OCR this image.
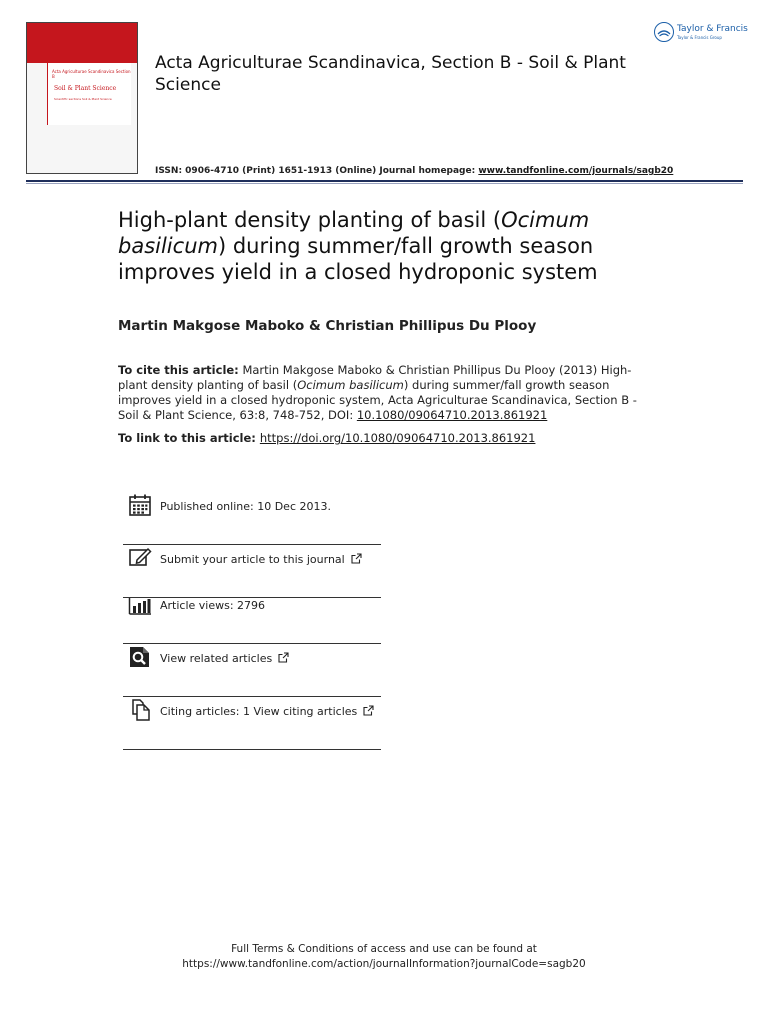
Acta Agriculturae Scandinavica Section B
Soil & Plant Science
Scientific sections Soil & Plant Science
Acta Agriculturae Scandinavica, Section B - Soil & Plant Science
ISSN: 0906-4710 (Print) 1651-1913 (Online) Journal homepage: www.tandfonline.com/journals/sagb20
Taylor & Francis
Taylor & Francis Group
High-plant density planting of basil (Ocimum basilicum) during summer/fall growth season improves yield in a closed hydroponic system
Martin Makgose Maboko & Christian Phillipus Du Plooy
To cite this article: Martin Makgose Maboko & Christian Phillipus Du Plooy (2013) High-plant density planting of basil (Ocimum basilicum) during summer/fall growth season improves yield in a closed hydroponic system, Acta Agriculturae Scandinavica, Section B - Soil & Plant Science, 63:8, 748-752, DOI: 10.1080/09064710.2013.861921
To link to this article: https://doi.org/10.1080/09064710.2013.861921
Published online: 10 Dec 2013.
Submit your article to this journal
Article views: 2796
View related articles
Citing articles: 1 View citing articles
Full Terms & Conditions of access and use can be found at
https://www.tandfonline.com/action/journalInformation?journalCode=sagb20
